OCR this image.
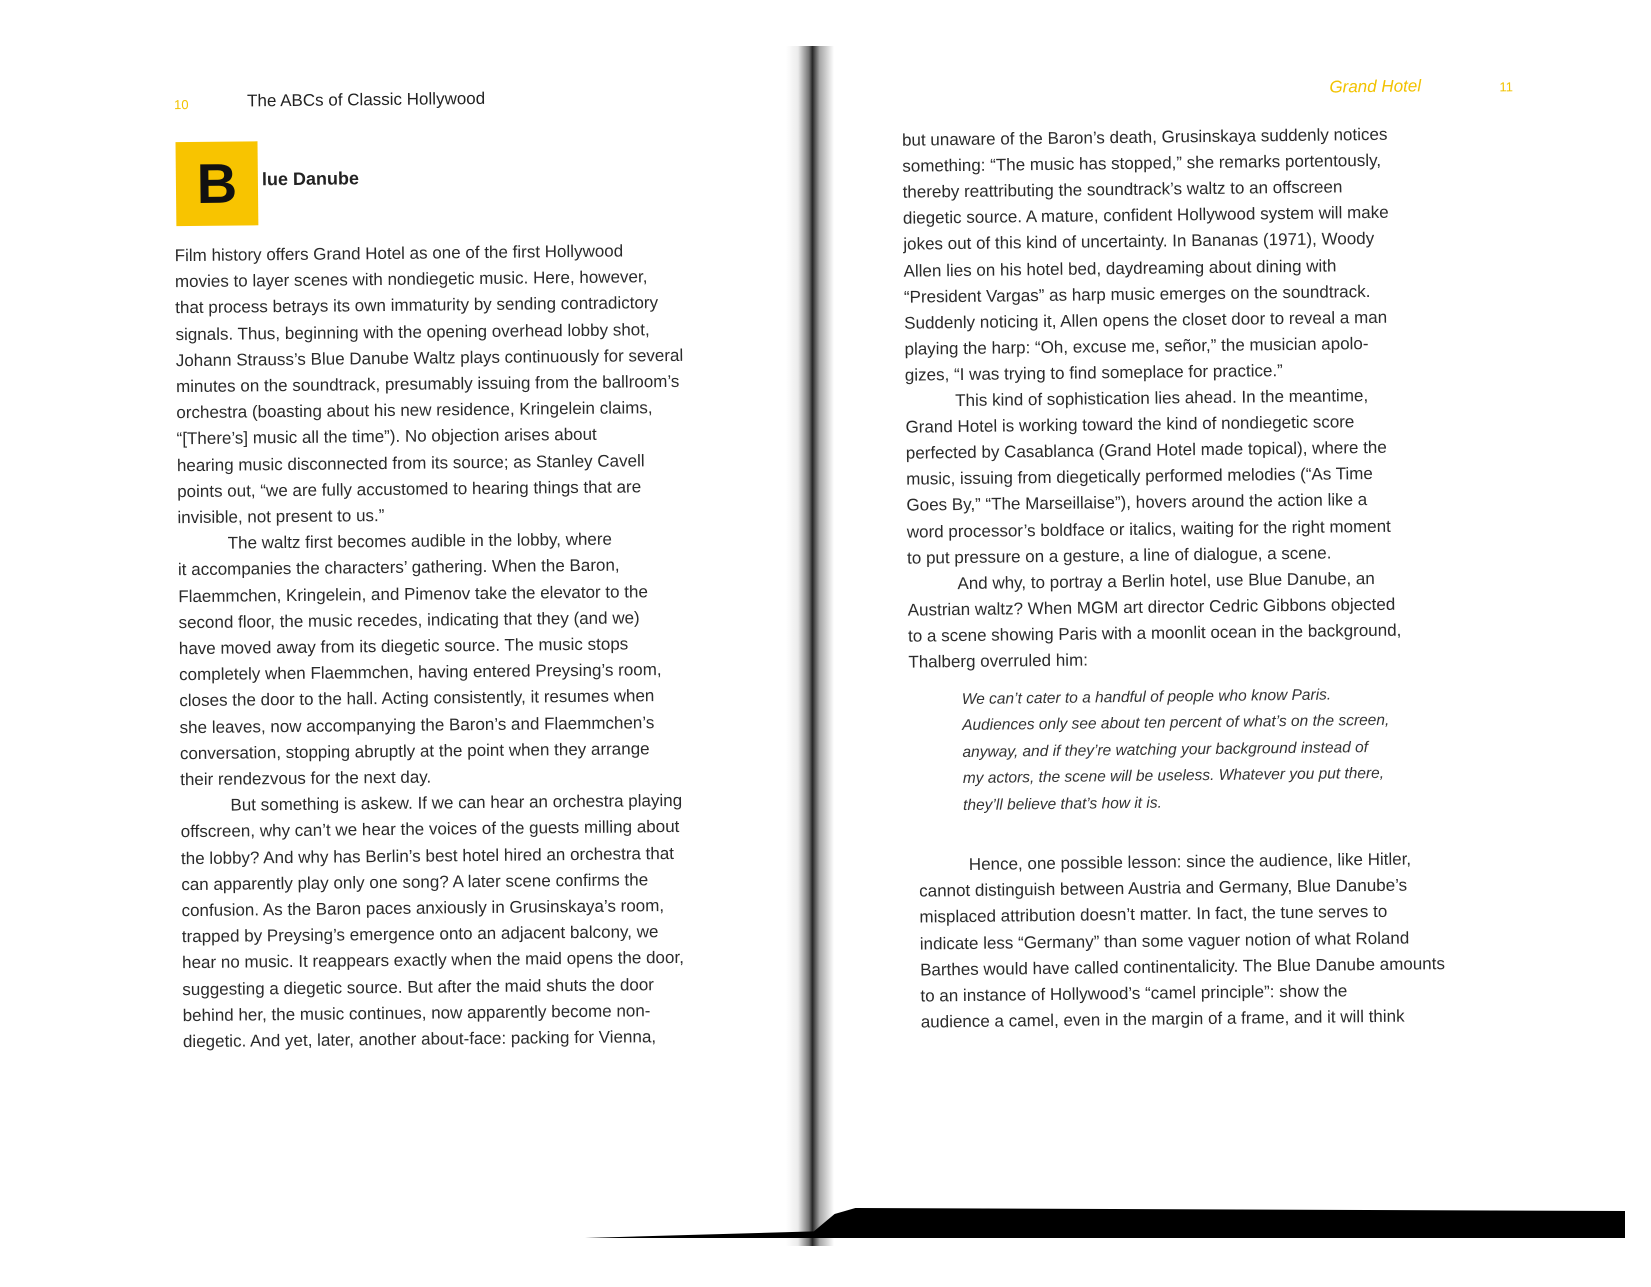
10	The ABCs of Classic Hollywood
B lue Danube
Film history offers Grand Hotel as one of the first Hollywood
movies to layer scenes with nondiegetic music. Here, however,
that process betrays its own immaturity by sending contradictory
signals. Thus, beginning with the opening overhead lobby shot,
Johann Strauss’s Blue Danube Waltz plays continuously for several
minutes on the soundtrack, presumably issuing from the ballroom’s
orchestra (boasting about his new residence, Kringelein claims,
“[There’s] music all the time”). No objection arises about
hearing music disconnected from its source; as Stanley Cavell
points out, “we are fully accustomed to hearing things that are
invisible, not present to us.”
The waltz first becomes audible in the lobby, where
it accompanies the characters’ gathering. When the Baron,
Flaemmchen, Kringelein, and Pimenov take the elevator to the
second floor, the music recedes, indicating that they (and we)
have moved away from its diegetic source. The music stops
completely when Flaemmchen, having entered Preysing’s room,
closes the door to the hall. Acting consistently, it resumes when
she leaves, now accompanying the Baron’s and Flaemmchen’s
conversation, stopping abruptly at the point when they arrange
their rendezvous for the next day.
But something is askew. If we can hear an orchestra playing
offscreen, why can’t we hear the voices of the guests milling about
the lobby? And why has Berlin’s best hotel hired an orchestra that
can apparently play only one song? A later scene confirms the
confusion. As the Baron paces anxiously in Grusinskaya’s room,
trapped by Preysing’s emergence onto an adjacent balcony, we
hear no music. It reappears exactly when the maid opens the door,
suggesting a diegetic source. But after the maid shuts the door
behind her, the music continues, now apparently become non-
diegetic. And yet, later, another about-face: packing for Vienna,
Grand Hotel	11
but unaware of the Baron’s death, Grusinskaya suddenly notices
something: “The music has stopped,” she remarks portentously,
thereby reattributing the soundtrack’s waltz to an offscreen
diegetic source. A mature, confident Hollywood system will make
jokes out of this kind of uncertainty. In Bananas (1971), Woody
Allen lies on his hotel bed, daydreaming about dining with
“President Vargas” as harp music emerges on the soundtrack.
Suddenly noticing it, Allen opens the closet door to reveal a man
playing the harp: “Oh, excuse me, señor,” the musician apolo-
gizes, “I was trying to find someplace for practice.”
This kind of sophistication lies ahead. In the meantime,
Grand Hotel is working toward the kind of nondiegetic score
perfected by Casablanca (Grand Hotel made topical), where the
music, issuing from diegetically performed melodies (“As Time
Goes By,” “The Marseillaise”), hovers around the action like a
word processor’s boldface or italics, waiting for the right moment
to put pressure on a gesture, a line of dialogue, a scene.
And why, to portray a Berlin hotel, use Blue Danube, an
Austrian waltz? When MGM art director Cedric Gibbons objected
to a scene showing Paris with a moonlit ocean in the background,
Thalberg overruled him:
We can’t cater to a handful of people who know Paris.
Audiences only see about ten percent of what’s on the screen,
anyway, and if they’re watching your background instead of
my actors, the scene will be useless. Whatever you put there,
they’ll believe that’s how it is.
Hence, one possible lesson: since the audience, like Hitler,
cannot distinguish between Austria and Germany, Blue Danube’s
misplaced attribution doesn’t matter. In fact, the tune serves to
indicate less “Germany” than some vaguer notion of what Roland
Barthes would have called continentalicity. The Blue Danube amounts
to an instance of Hollywood’s “camel principle”: show the
audience a camel, even in the margin of a frame, and it will think
